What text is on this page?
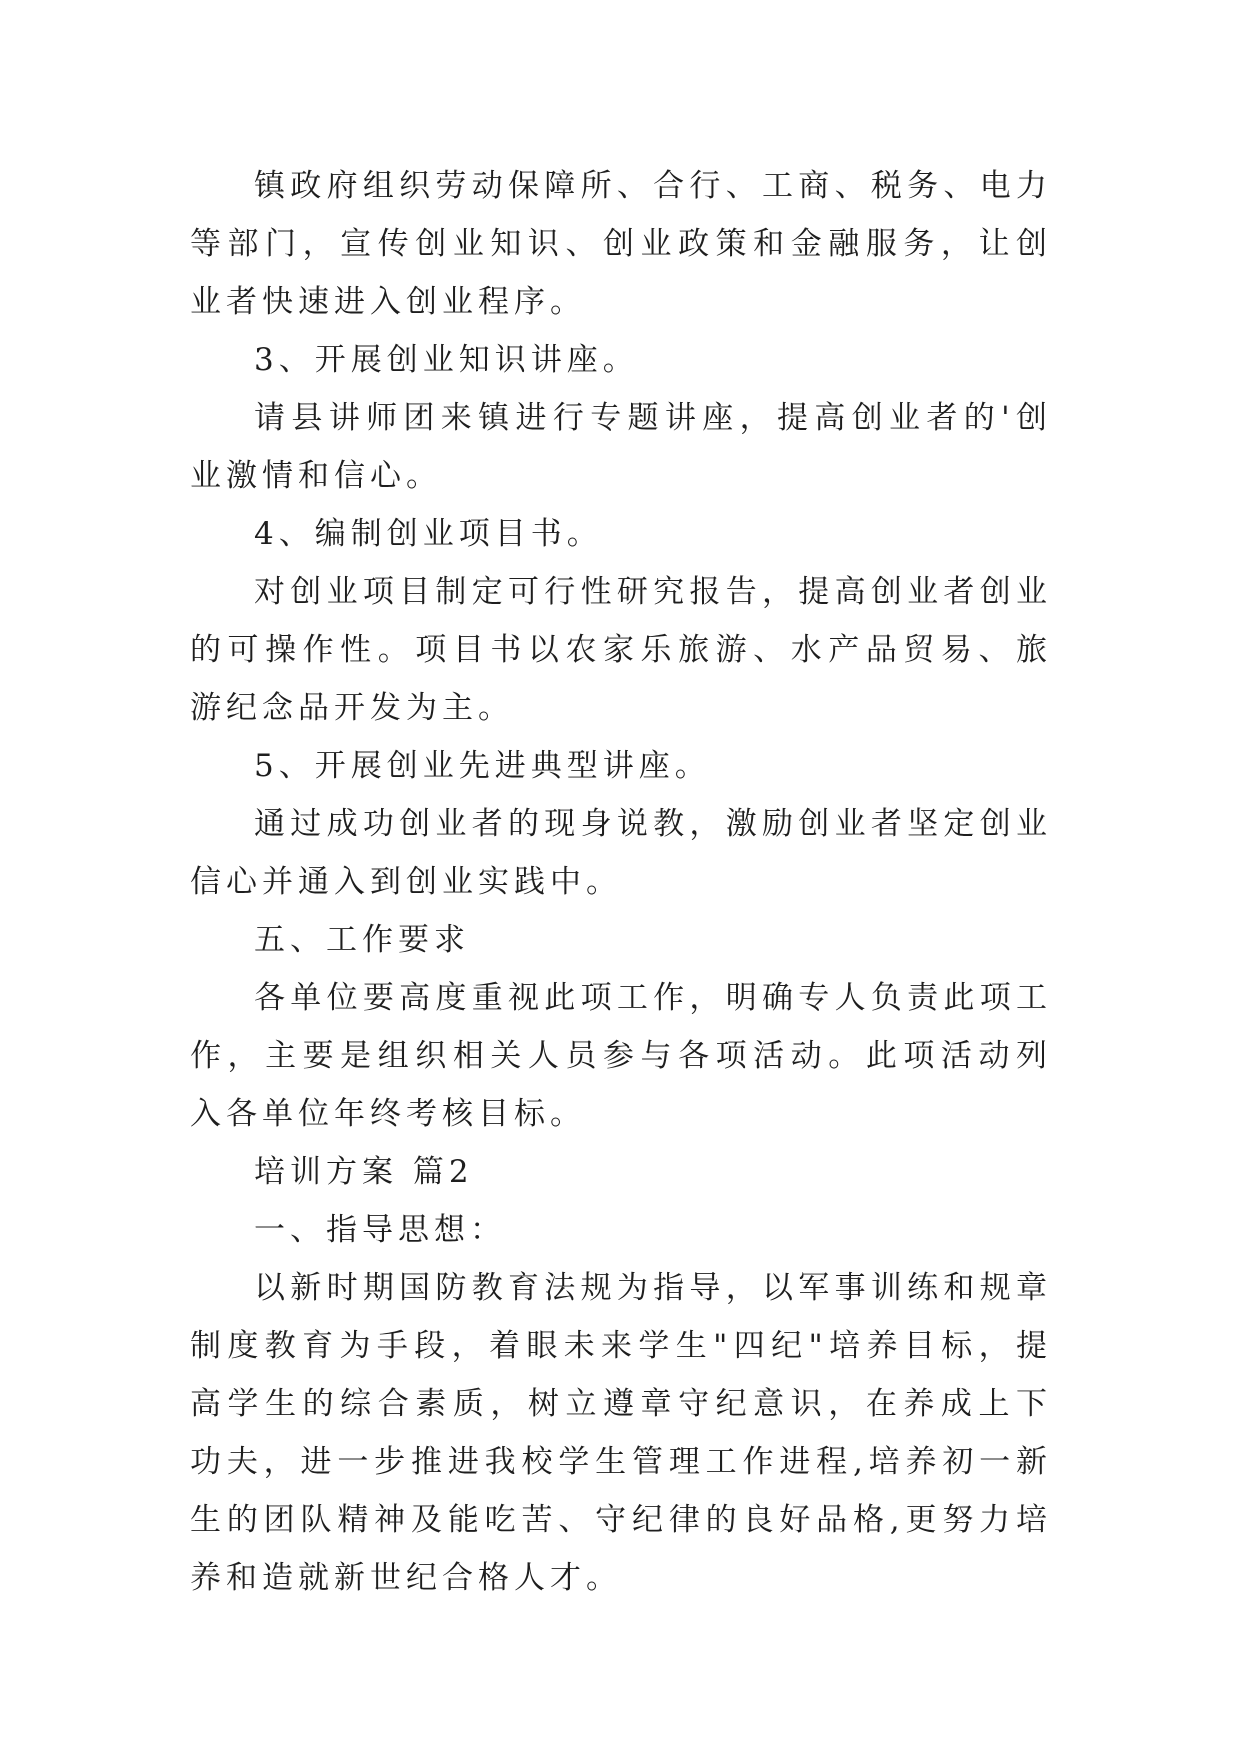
镇政府组织劳动保障所、合行、工商、税务、电力等部门，宣传创业知识、创业政策和金融服务，让创业者快速进入创业程序。

3、开展创业知识讲座。

请县讲师团来镇进行专题讲座，提高创业者的'创业激情和信心。

4、编制创业项目书。

对创业项目制定可行性研究报告，提高创业者创业的可操作性。项目书以农家乐旅游、水产品贸易、旅游纪念品开发为主。

5、开展创业先进典型讲座。

通过成功创业者的现身说教，激励创业者坚定创业信心并通入到创业实践中。

五、工作要求

各单位要高度重视此项工作，明确专人负责此项工作，主要是组织相关人员参与各项活动。此项活动列入各单位年终考核目标。

培训方案 篇2

一、指导思想：

以新时期国防教育法规为指导，以军事训练和规章制度教育为手段，着眼未来学生"四纪"培养目标，提高学生的综合素质，树立遵章守纪意识，在养成上下功夫，进一步推进我校学生管理工作进程,培养初一新生的团队精神及能吃苦、守纪律的良好品格,更努力培养和造就新世纪合格人才。
